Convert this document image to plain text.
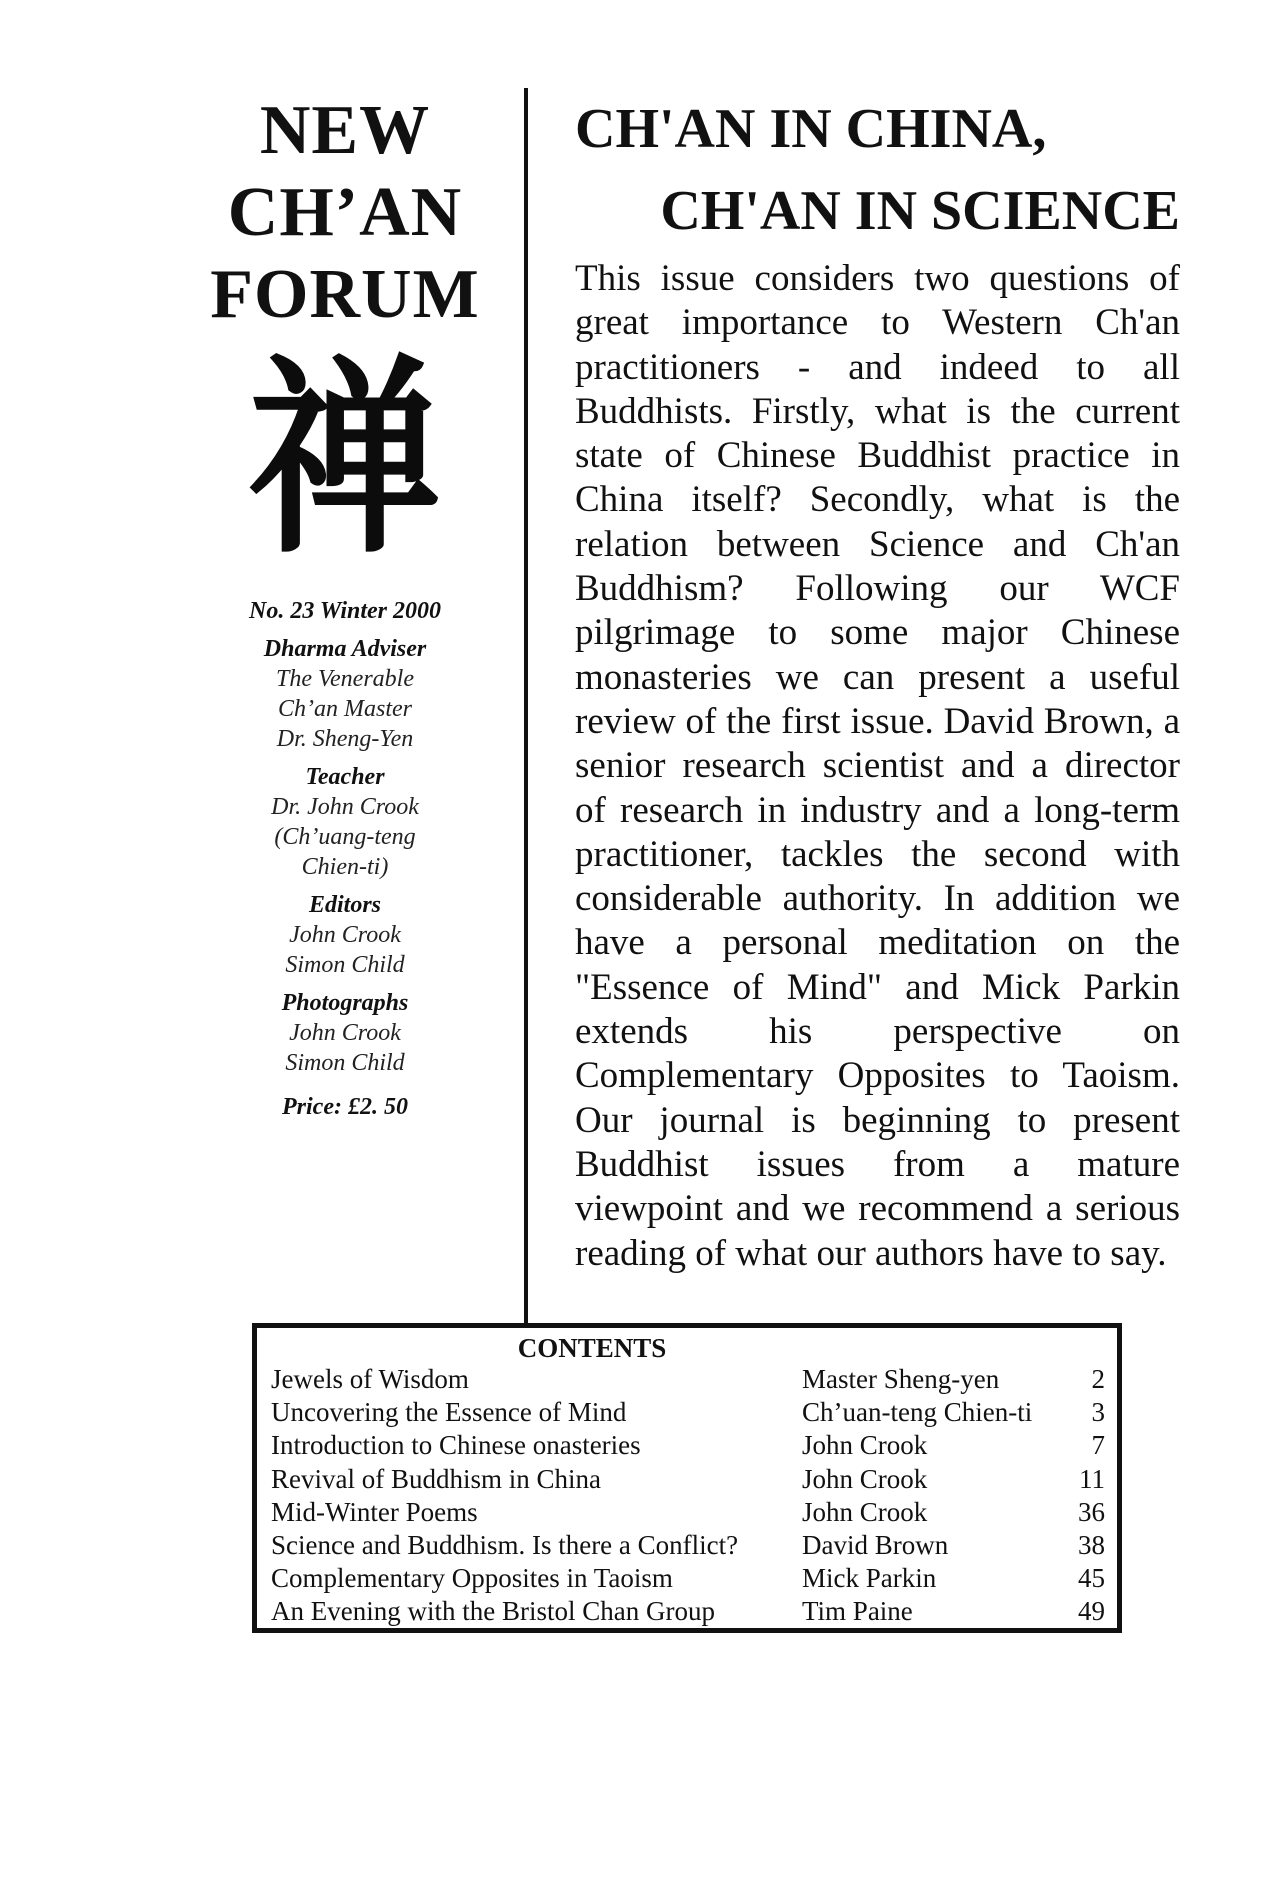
NEW
CH’AN
FORUM
禅
No. 23 Winter 2000
Dharma Adviser
The Venerable
Ch’an Master
Dr. Sheng-Yen
Teacher
Dr. John Crook
(Ch’uang-teng
Chien-ti)
Editors
John Crook
Simon Child
Photographs
John Crook
Simon Child
Price: £2. 50
CH'AN IN CHINA,
CH'AN IN SCIENCE
This issue considers two questions of great importance to Western Ch'an practitioners - and indeed to all Buddhists. Firstly, what is the current state of Chinese Buddhist practice in China itself? Secondly, what is the relation between Science and Ch'an Buddhism? Following our WCF pilgrimage to some major Chinese monasteries we can present a useful review of the first issue. David Brown, a senior research scientist and a director of research in industry and a long-term practitioner, tackles the second with considerable authority. In addition we have a personal meditation on the "Essence of Mind" and Mick Parkin extends his perspective on Complementary Opposites to Taoism. Our journal is beginning to present Buddhist issues from a mature viewpoint and we recommend a serious reading of what our authors have to say.
CONTENTS
Jewels of Wisdom	Master Sheng-yen	2
Uncovering the Essence of Mind	Ch’uan-teng Chien-ti	3
Introduction to Chinese onasteries	John Crook	7
Revival of Buddhism in China	John Crook	11
Mid-Winter Poems	John Crook	36
Science and Buddhism. Is there a Conflict?	David Brown	38
Complementary Opposites in Taoism	Mick Parkin	45
An Evening with the Bristol Chan Group	Tim Paine	49
